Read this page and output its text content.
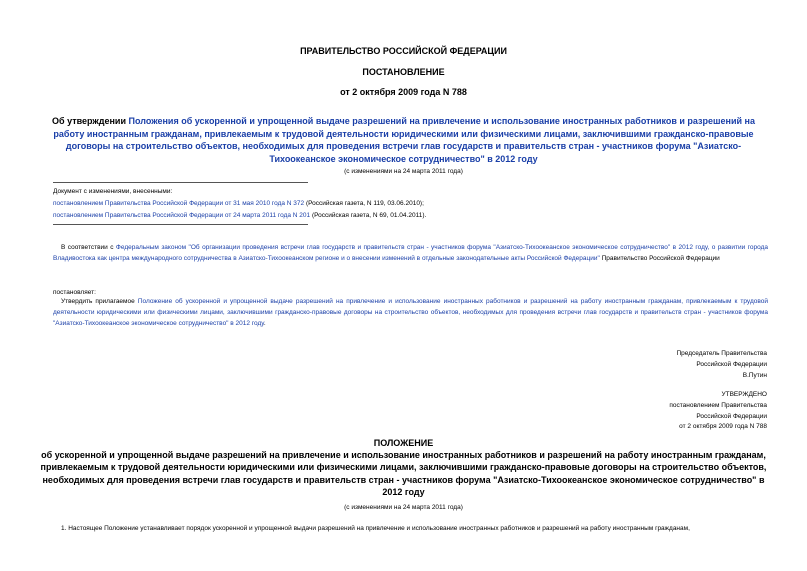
ПРАВИТЕЛЬСТВО РОССИЙСКОЙ ФЕДЕРАЦИИ
ПОСТАНОВЛЕНИЕ
от 2 октября 2009 года N 788
Об утверждении Положения об ускоренной и упрощенной выдаче разрешений на привлечение и использование иностранных работников и разрешений на работу иностранным гражданам, привлекаемым к трудовой деятельности юридическими или физическими лицами, заключившими гражданско-правовые договоры на строительство объектов, необходимых для проведения встречи глав государств и правительств стран - участников форума "Азиатско-Тихоокеанское экономическое сотрудничество" в 2012 году
(с изменениями на 24 марта 2011 года)
Документ с изменениями, внесенными:
постановлением Правительства Российской Федерации от 31 мая 2010 года N 372 (Российская газета, N 119, 03.06.2010);
постановлением Правительства Российской Федерации от 24 марта 2011 года N 201 (Российская газета, N 69, 01.04.2011).
В соответствии с Федеральным законом "Об организации проведения встречи глав государств и правительств стран - участников форума "Азиатско-Тихоокеанское экономическое сотрудничество" в 2012 году, о развитии города Владивостока как центра международного сотрудничества в Азиатско-Тихоокеанском регионе и о внесении изменений в отдельные законодательные акты Российской Федерации" Правительство Российской Федерации
постановляет:
Утвердить прилагаемое Положение об ускоренной и упрощенной выдаче разрешений на привлечение и использование иностранных работников и разрешений на работу иностранным гражданам, привлекаемым к трудовой деятельности юридическими или физическими лицами, заключившими гражданско-правовые договоры на строительство объектов, необходимых для проведения встречи глав государств и правительств стран - участников форума "Азиатско-Тихоокеанское экономическое сотрудничество" в 2012 году.
Председатель Правительства
Российской Федерации
В.Путин
УТВЕРЖДЕНО
постановлением Правительства
Российской Федерации
от 2 октября 2009 года N 788
ПОЛОЖЕНИЕ
об ускоренной и упрощенной выдаче разрешений на привлечение и использование иностранных работников и разрешений на работу иностранным гражданам, привлекаемым к трудовой деятельности юридическими или физическими лицами, заключившими гражданско-правовые договоры на строительство объектов, необходимых для проведения встречи глав государств и правительств стран - участников форума "Азиатско-Тихоокеанское экономическое сотрудничество" в 2012 году
(с изменениями на 24 марта 2011 года)
1. Настоящее Положение устанавливает порядок ускоренной и упрощенной выдачи разрешений на привлечение и использование иностранных работников и разрешений на работу иностранным гражданам,
